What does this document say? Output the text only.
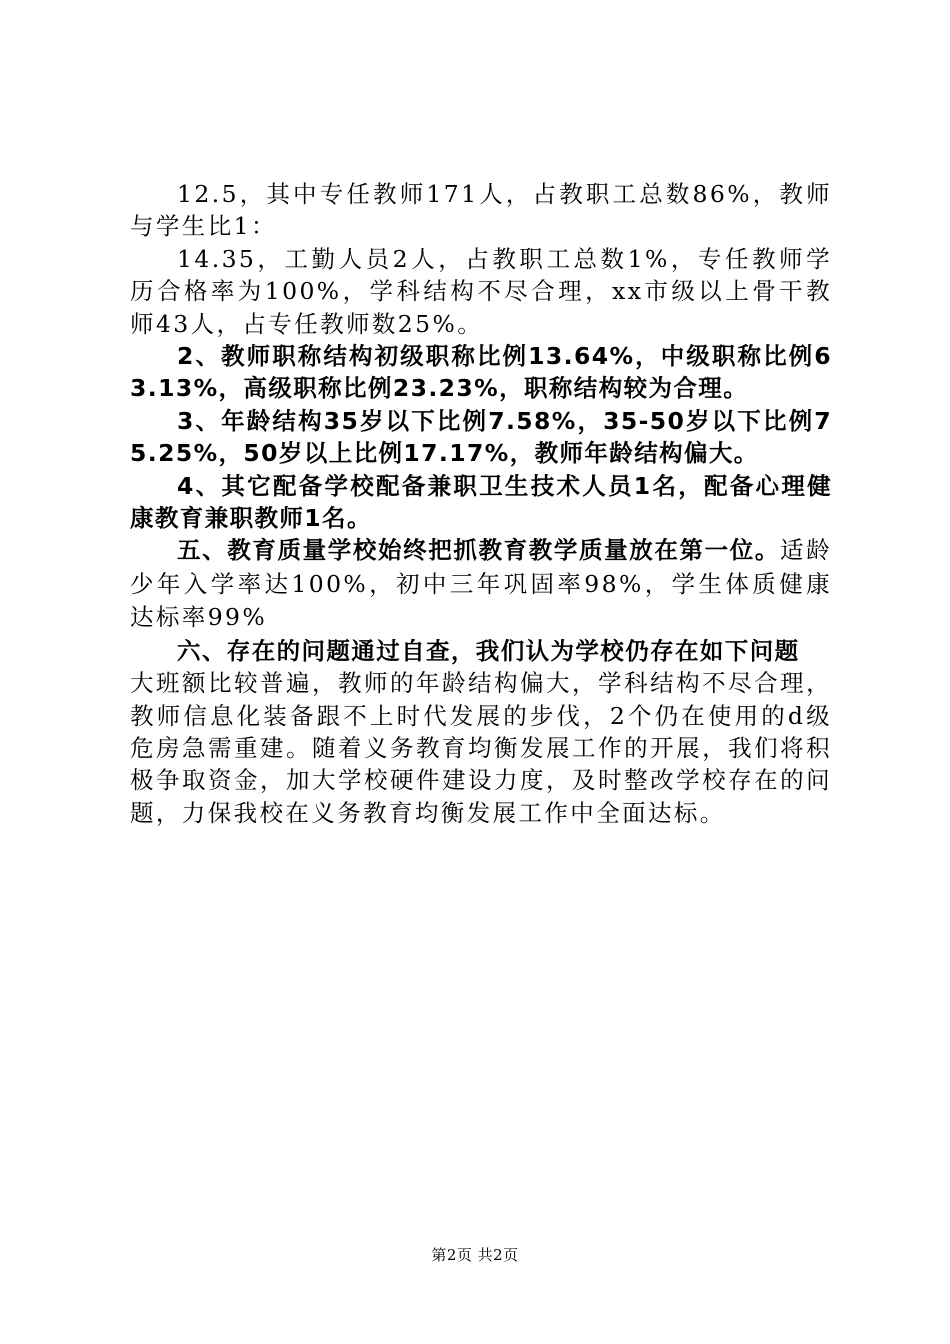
12.5，其中专任教师171人，占教职工总数86%，教师与学生比1：

14.35，工勤人员2人，占教职工总数1%，专任教师学历合格率为100%，学科结构不尽合理，xx市级以上骨干教师43人，占专任教师数25%。

2、教师职称结构初级职称比例13.64%，中级职称比例63.13%，高级职称比例23.23%，职称结构较为合理。

3、年龄结构35岁以下比例7.58%，35-50岁以下比例75.25%，50岁以上比例17.17%，教师年龄结构偏大。

4、其它配备学校配备兼职卫生技术人员1名，配备心理健康教育兼职教师1名。

五、教育质量学校始终把抓教育教学质量放在第一位。适龄少年入学率达100%，初中三年巩固率98%，学生体质健康达标率99%

六、存在的问题通过自查，我们认为学校仍存在如下问题

大班额比较普遍，教师的年龄结构偏大，学科结构不尽合理，教师信息化装备跟不上时代发展的步伐，2个仍在使用的d级危房急需重建。随着义务教育均衡发展工作的开展，我们将积极争取资金，加大学校硬件建设力度，及时整改学校存在的问题，力保我校在义务教育均衡发展工作中全面达标。

第2页 共2页
